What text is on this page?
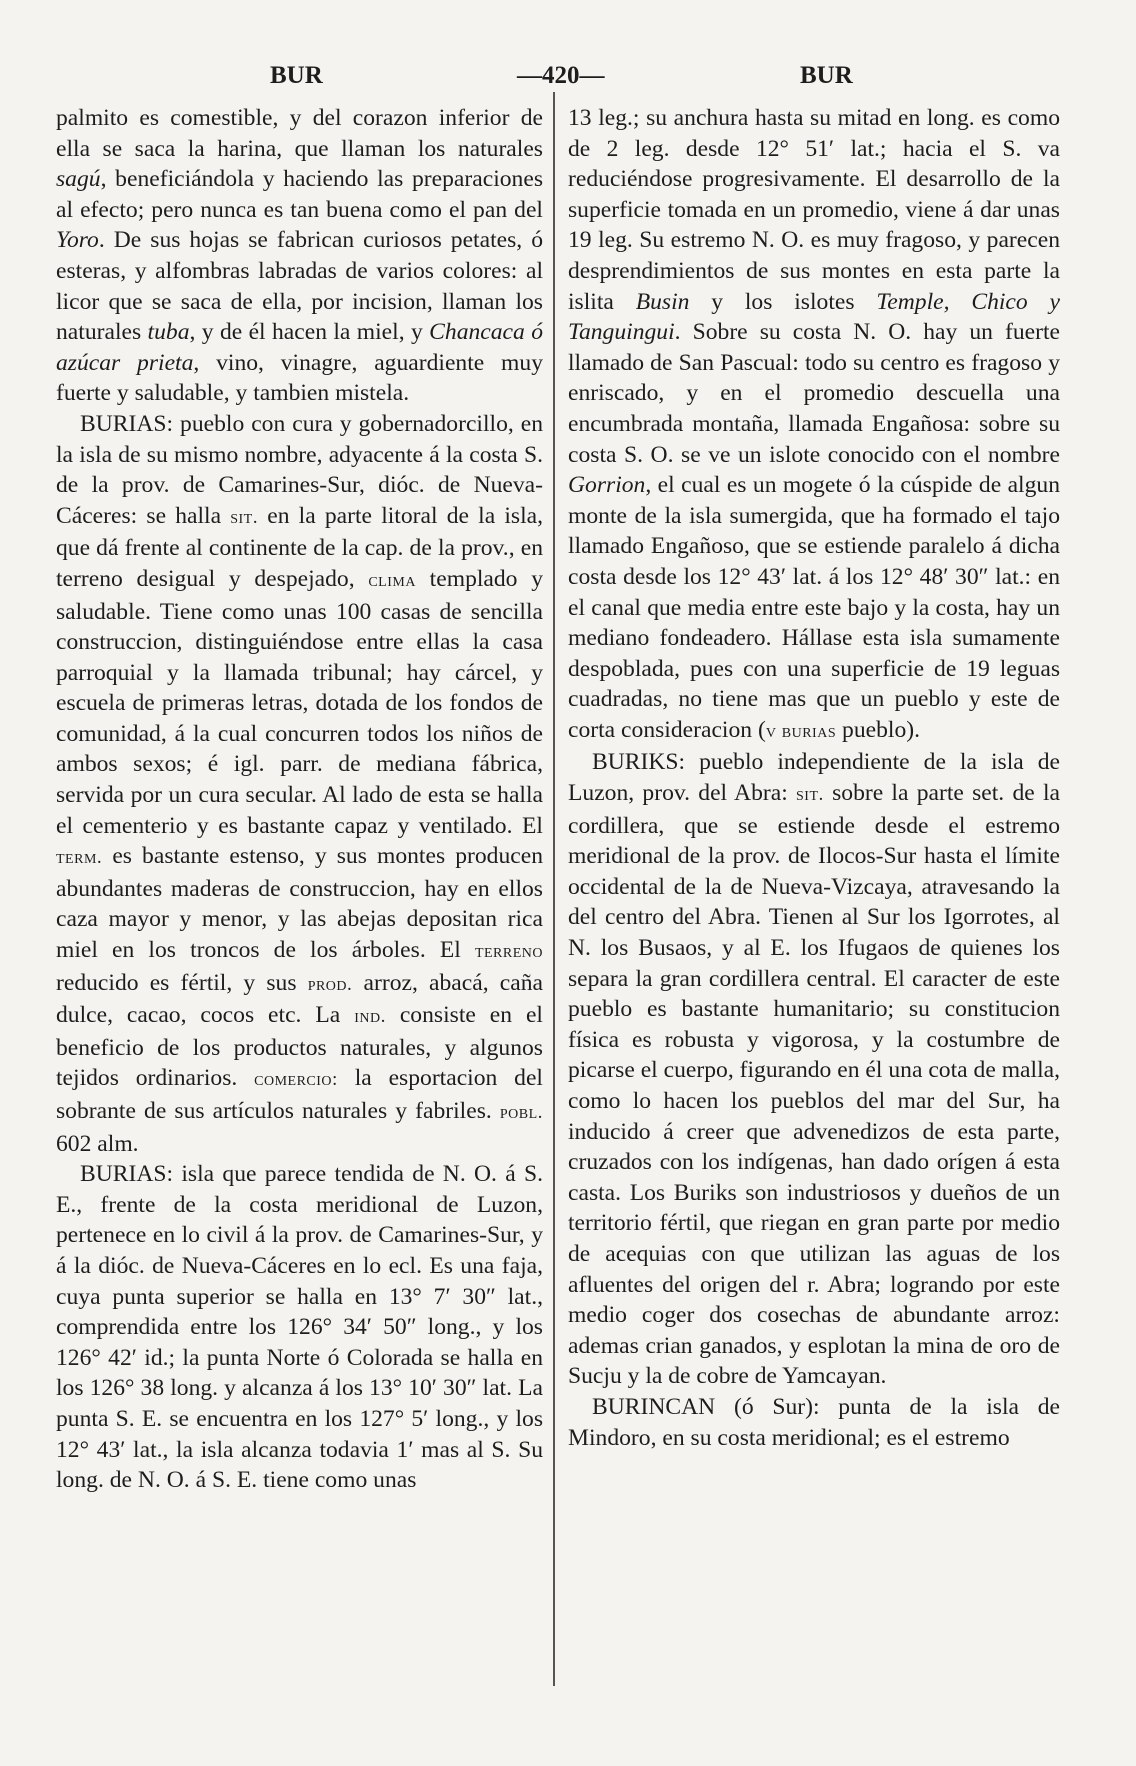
BUR	—420—	BUR

palmito es comestible, y del corazon inferior de ella se saca la harina, que llaman los naturales sagú, beneficiándola y haciendo las preparaciones al efecto; pero nunca es tan buena como el pan del Yoro. De sus hojas se fabrican curiosos petates, ó esteras, y alfombras labradas de varios colores: al licor que se saca de ella, por incision, llaman los naturales tuba, y de él hacen la miel, y Chancaca ó azúcar prieta, vino, vinagre, aguardiente muy fuerte y saludable, y tambien mistela.

BURIAS: pueblo con cura y gobernadorcillo, en la isla de su mismo nombre, adyacente á la costa S. de la prov. de Camarines-Sur, dióc. de Nueva-Cáceres: se halla sit. en la parte litoral de la isla, que dá frente al continente de la cap. de la prov., en terreno desigual y despejado, clima templado y saludable. Tiene como unas 100 casas de sencilla construccion, distinguiéndose entre ellas la casa parroquial y la llamada tribunal; hay cárcel, y escuela de primeras letras, dotada de los fondos de comunidad, á la cual concurren todos los niños de ambos sexos; é igl. parr. de mediana fábrica, servida por un cura secular. Al lado de esta se halla el cementerio y es bastante capaz y ventilado. El term. es bastante estenso, y sus montes producen abundantes maderas de construccion, hay en ellos caza mayor y menor, y las abejas depositan rica miel en los troncos de los árboles. El terreno reducido es fértil, y sus prod. arroz, abacá, caña dulce, cacao, cocos etc. La ind. consiste en el beneficio de los productos naturales, y algunos tejidos ordinarios. comercio: la esportacion del sobrante de sus artículos naturales y fabriles. pobl. 602 alm.

BURIAS: isla que parece tendida de N. O. á S. E., frente de la costa meridional de Luzon, pertenece en lo civil á la prov. de Camarines-Sur, y á la dióc. de Nueva-Cáceres en lo ecl. Es una faja, cuya punta superior se halla en 13° 7′ 30″ lat., comprendida entre los 126° 34′ 50″ long., y los 126° 42′ id.; la punta Norte ó Colorada se halla en los 126° 38 long. y alcanza á los 13° 10′ 30″ lat. La punta S. E. se encuentra en los 127° 5′ long., y los 12° 43′ lat., la isla alcanza todavia 1′ mas al S. Su long. de N. O. á S. E. tiene como unas

13 leg.; su anchura hasta su mitad en long. es como de 2 leg. desde 12° 51′ lat.; hacia el S. va reduciéndose progresivamente. El desarrollo de la superficie tomada en un promedio, viene á dar unas 19 leg. Su estremo N. O. es muy fragoso, y parecen desprendimientos de sus montes en esta parte la islita Busin y los islotes Temple, Chico y Tanguingui. Sobre su costa N. O. hay un fuerte llamado de San Pascual: todo su centro es fragoso y enriscado, y en el promedio descuella una encumbrada montaña, llamada Engañosa: sobre su costa S. O. se ve un islote conocido con el nombre Gorrion, el cual es un mogete ó la cúspide de algun monte de la isla sumergida, que ha formado el tajo llamado Engañoso, que se estiende paralelo á dicha costa desde los 12° 43′ lat. á los 12° 48′ 30″ lat.: en el canal que media entre este bajo y la costa, hay un mediano fondeadero. Hállase esta isla sumamente despoblada, pues con una superficie de 19 leguas cuadradas, no tiene mas que un pueblo y este de corta consideracion (v burias pueblo).

BURIKS: pueblo independiente de la isla de Luzon, prov. del Abra: sit. sobre la parte set. de la cordillera, que se estiende desde el estremo meridional de la prov. de Ilocos-Sur hasta el límite occidental de la de Nueva-Vizcaya, atravesando la del centro del Abra. Tienen al Sur los Igorrotes, al N. los Busaos, y al E. los Ifugaos de quienes los separa la gran cordillera central. El caracter de este pueblo es bastante humanitario; su constitucion física es robusta y vigorosa, y la costumbre de picarse el cuerpo, figurando en él una cota de malla, como lo hacen los pueblos del mar del Sur, ha inducido á creer que advenedizos de esta parte, cruzados con los indígenas, han dado orígen á esta casta. Los Buriks son industriosos y dueños de un territorio fértil, que riegan en gran parte por medio de acequias con que utilizan las aguas de los afluentes del origen del r. Abra; logrando por este medio coger dos cosechas de abundante arroz: ademas crian ganados, y esplotan la mina de oro de Sucju y la de cobre de Yamcayan.

BURINCAN (ó Sur): punta de la isla de Mindoro, en su costa meridional; es el estremo
